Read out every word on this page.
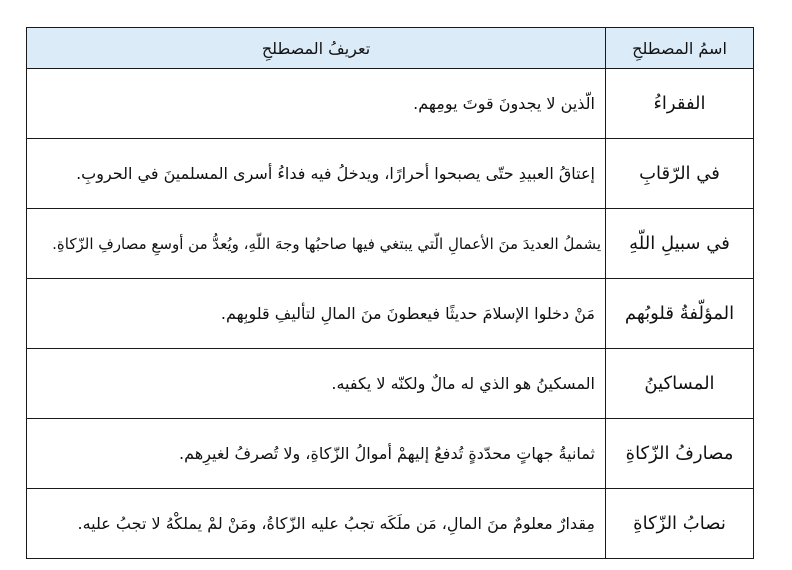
اسمُ المصطلحِ	تعريفُ المصطلحِ
الفقراءُ	الّذين لا يجدونَ قوتَ يومِهم.
في الرّقابِ	إعتاقُ العبيدِ حتّى يصبحوا أحرارًا، ويدخلُ فيه فداءُ أسرى المسلمينَ في الحروبِ.
في سبيلِ اللّهِ	يشملُ العديدَ منَ الأعمالِ الّتي يبتغي فيها صاحبُها وجهَ اللّهِ، ويُعدُّ من أوسعِ مصارفِ الزّكاةِ.
المؤلّفةُ قلوبُهم	مَنْ دخلوا الإسلامَ حديثًا فيعطونَ منَ المالِ لتأليفِ قلوبِهم.
المساكينُ	المسكينُ هو الذي له مالٌ ولكنّه لا يكفيه.
مصارفُ الزّكاةِ	ثمانيةُ جهاتٍ محدّدةٍ تُدفعُ إليهمْ أموالُ الزّكاةِ، ولا تُصرفُ لغيرِهم.
نصابُ الزّكاةِ	مِقدارٌ معلومٌ منَ المالِ، مَن ملَكَه تجبُ عليه الزّكاةُ، ومَنْ لمْ يملكْهُ لا تجبُ عليه.
